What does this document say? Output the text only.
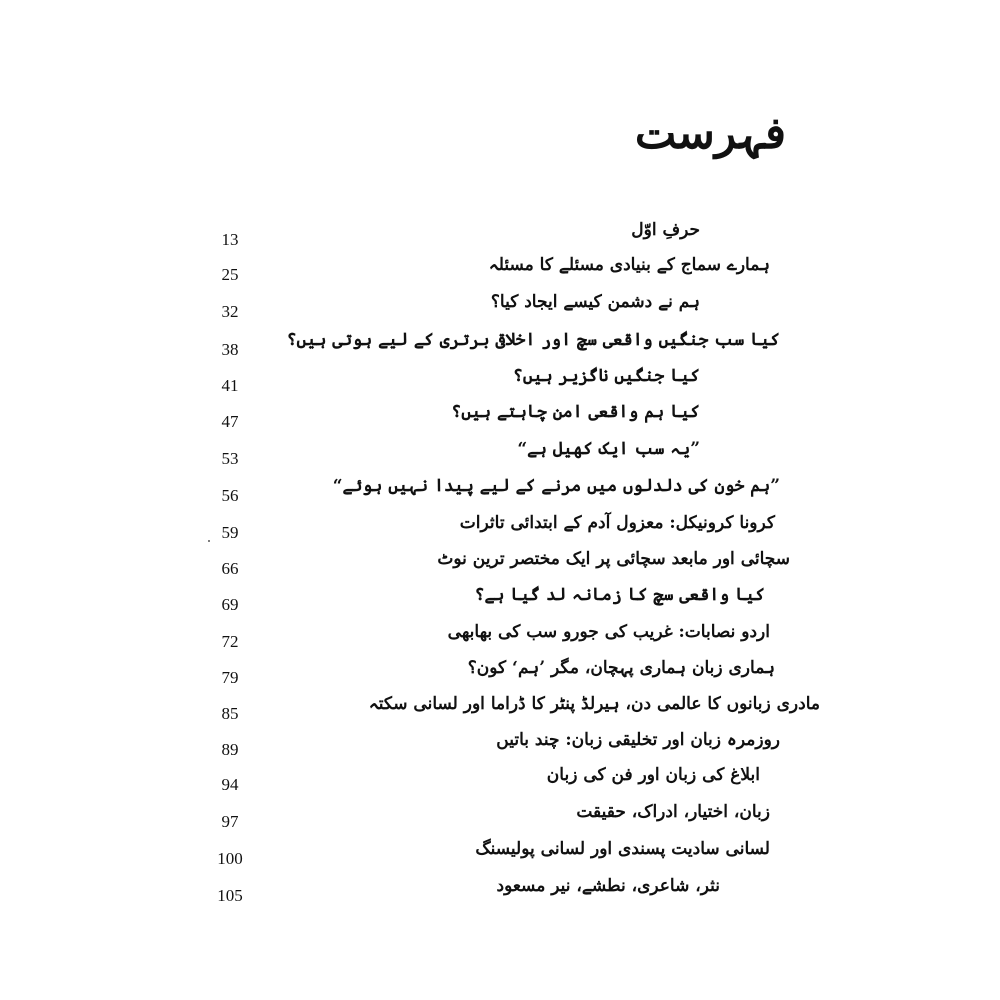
فہرست
حرفِ اوّل
13
ہمارے سماج کے بنیادی مسئلے کا مسئلہ
25
ہم نے دشمن کیسے ایجاد کیا؟
32
کیا سب جنگیں واقعی سچ اور اخلاقی برتری کے لیے ہوتی ہیں؟
38
کیا جنگیں ناگزیر ہیں؟
41
کیا ہم واقعی امن چاہتے ہیں؟
47
”یہ سب ایک کھیل ہے“
53
”ہم خون کی دلدلوں میں مرنے کے لیے پیدا نہیں ہوئے“
56
کرونا کرونیکل: معزول آدم کے ابتدائی تاثرات
59
سچائی اور مابعد سچائی پر ایک مختصر ترین نوٹ
66
کیا واقعی سچ کا زمانہ لد گیا ہے؟
69
اردو نصابات: غریب کی جورو سب کی بھابھی
72
ہماری زبان ہماری پہچان، مگر ’ہم‘ کون؟
79
مادری زبانوں کا عالمی دن، ہیرلڈ پنٹر کا ڈراما اور لسانی سکتہ
85
روزمرہ زبان اور تخلیقی زبان: چند باتیں
89
ابلاغ کی زبان اور فن کی زبان
94
زبان، اختیار، ادراک، حقیقت
97
لسانی سادیت پسندی اور لسانی پولیسنگ
100
نثر، شاعری، نطشے، نیر مسعود
105
